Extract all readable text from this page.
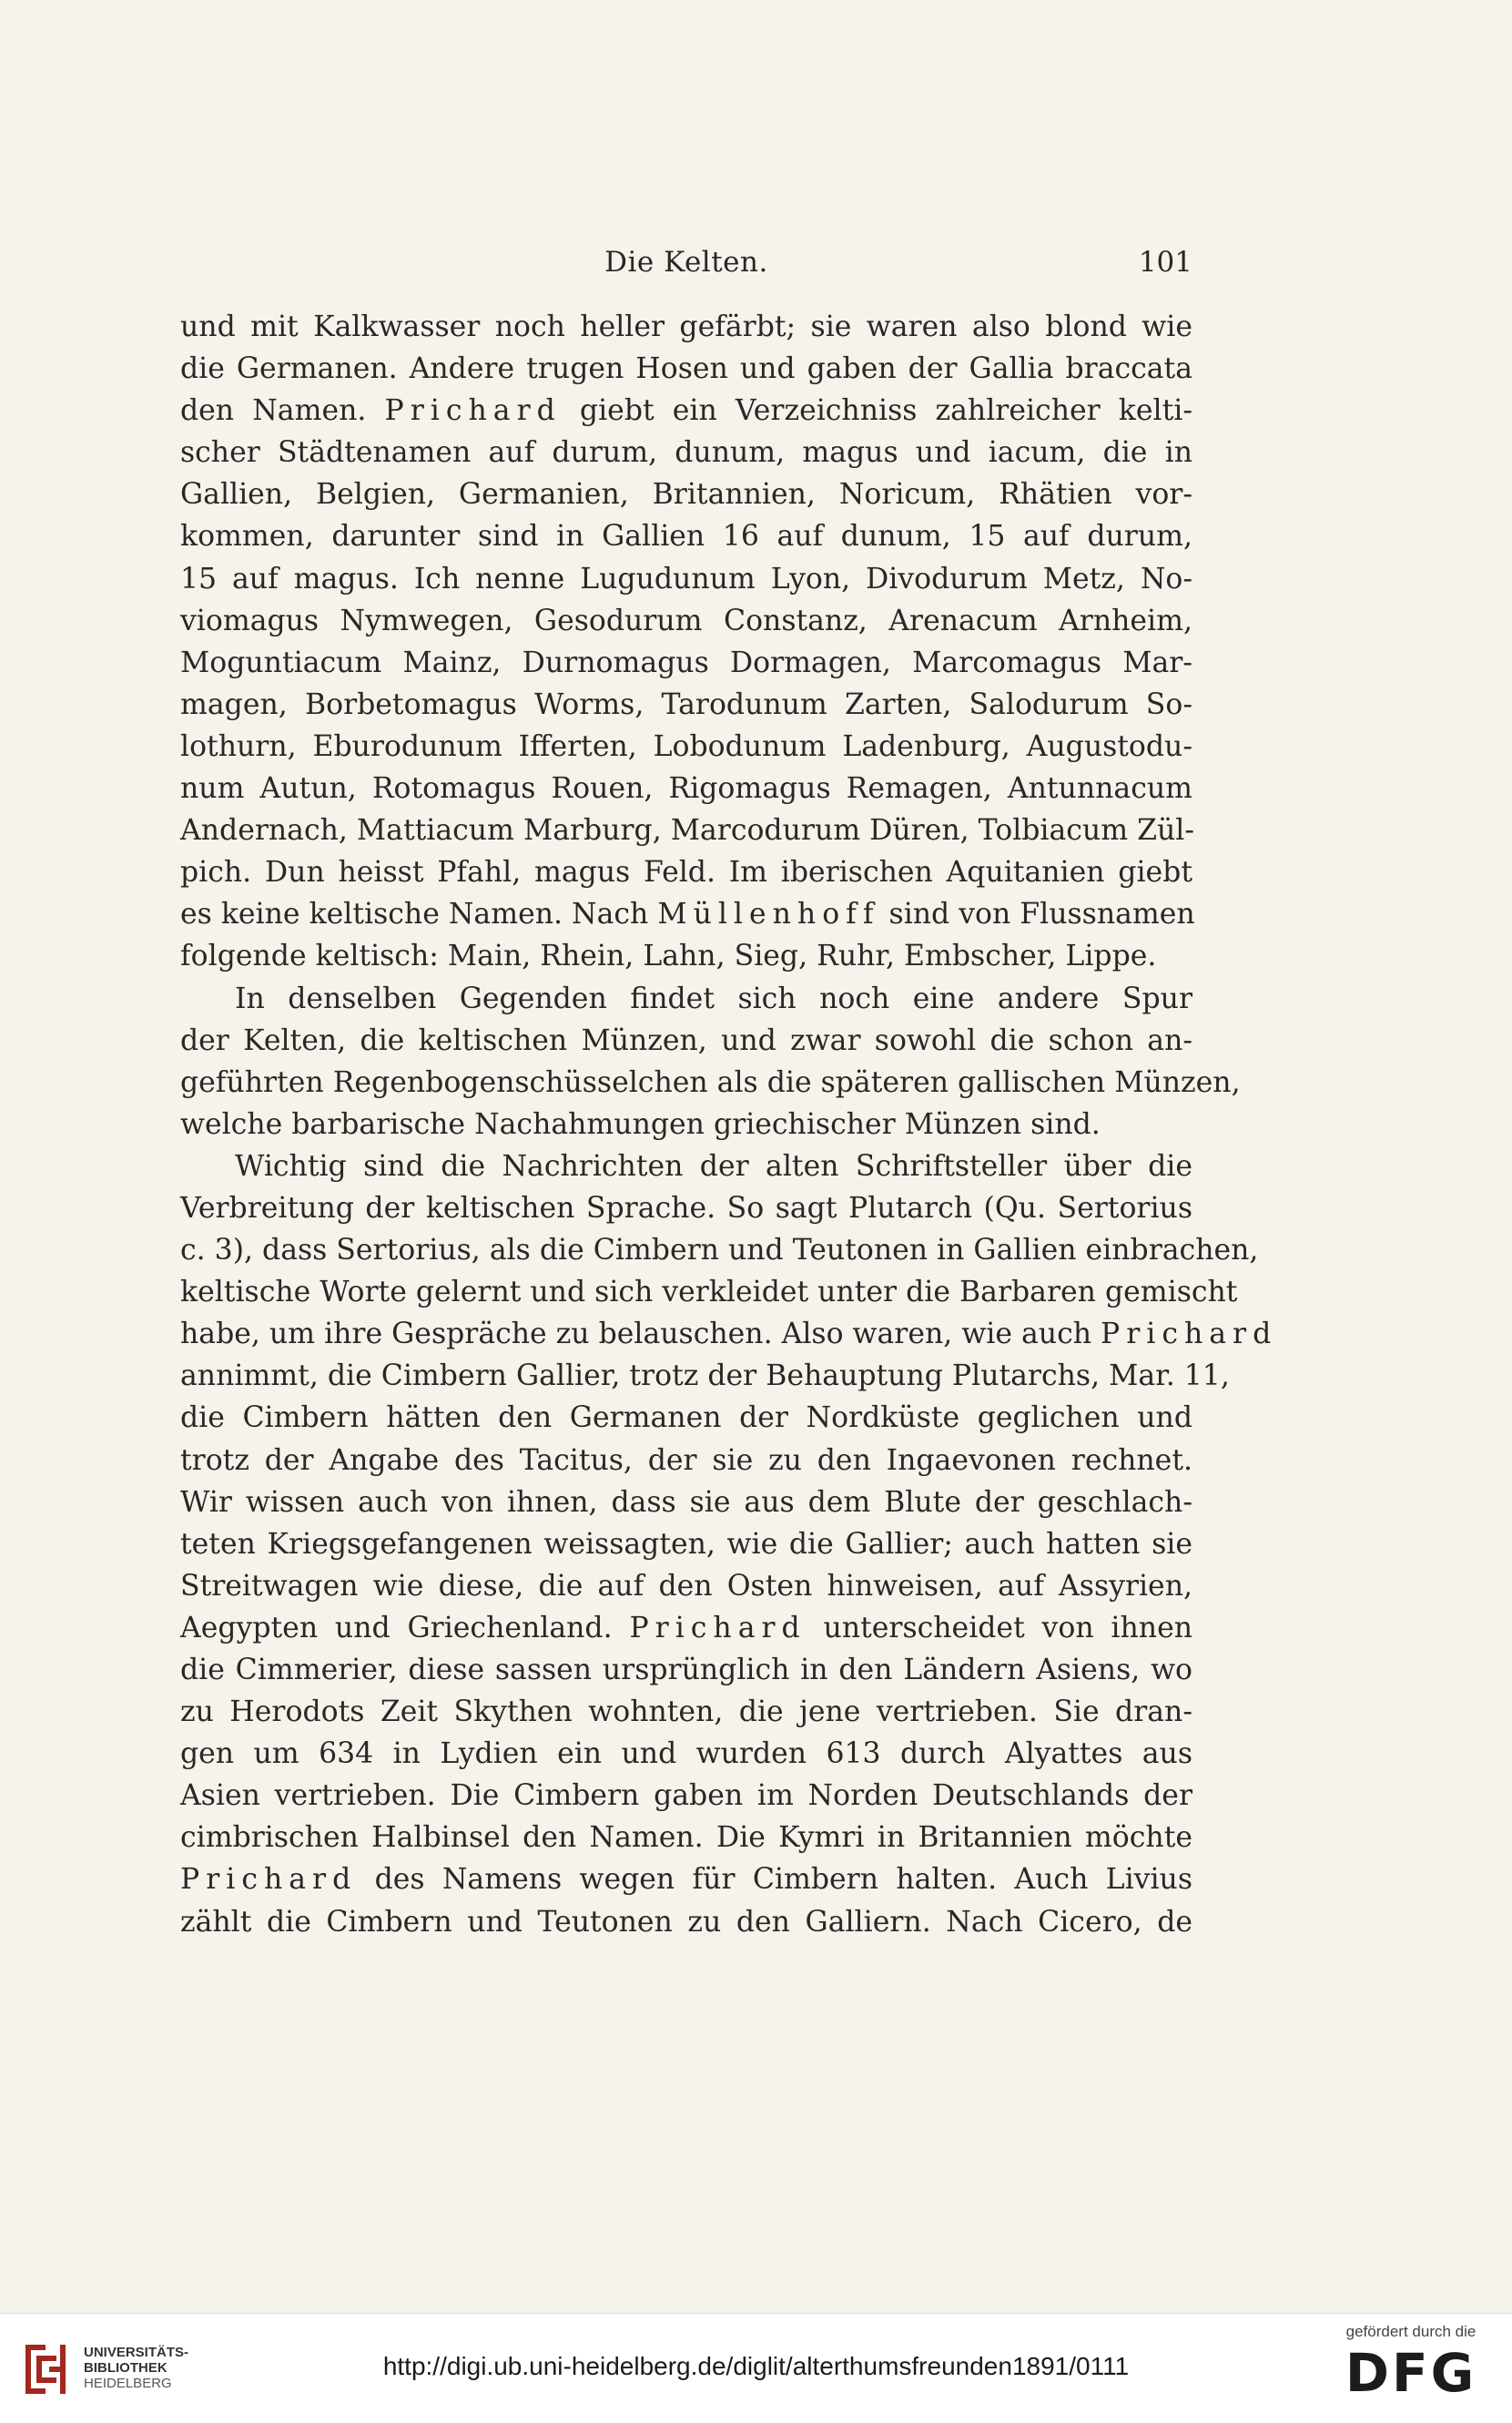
Die Kelten.	101
und mit Kalkwasser noch heller gefärbt; sie waren also blond wie
die Germanen. Andere trugen Hosen und gaben der Gallia braccata
den Namen. Prichard giebt ein Verzeichniss zahlreicher kelti-
scher Städtenamen auf durum, dunum, magus und iacum, die in
Gallien, Belgien, Germanien, Britannien, Noricum, Rhätien vor-
kommen, darunter sind in Gallien 16 auf dunum, 15 auf durum,
15 auf magus. Ich nenne Lugudunum Lyon, Divodurum Metz, No-
viomagus Nymwegen, Gesodurum Constanz, Arenacum Arnheim,
Moguntiacum Mainz, Durnomagus Dormagen, Marcomagus Mar-
magen, Borbetomagus Worms, Tarodunum Zarten, Salodurum So-
lothurn, Eburodunum Ifferten, Lobodunum Ladenburg, Augustodu-
num Autun, Rotomagus Rouen, Rigomagus Remagen, Antunnacum
Andernach, Mattiacum Marburg, Marcodurum Düren, Tolbiacum Zül-
pich. Dun heisst Pfahl, magus Feld. Im iberischen Aquitanien giebt
es keine keltische Namen. Nach Müllenhoff sind von Flussnamen
folgende keltisch: Main, Rhein, Lahn, Sieg, Ruhr, Embscher, Lippe.
In denselben Gegenden findet sich noch eine andere Spur
der Kelten, die keltischen Münzen, und zwar sowohl die schon an-
geführten Regenbogenschüsselchen als die späteren gallischen Münzen,
welche barbarische Nachahmungen griechischer Münzen sind.
Wichtig sind die Nachrichten der alten Schriftsteller über die
Verbreitung der keltischen Sprache. So sagt Plutarch (Qu. Sertorius
c. 3), dass Sertorius, als die Cimbern und Teutonen in Gallien einbrachen,
keltische Worte gelernt und sich verkleidet unter die Barbaren gemischt
habe, um ihre Gespräche zu belauschen. Also waren, wie auch Prichard
annimmt, die Cimbern Gallier, trotz der Behauptung Plutarchs, Mar. 11,
die Cimbern hätten den Germanen der Nordküste geglichen und
trotz der Angabe des Tacitus, der sie zu den Ingaevonen rechnet.
Wir wissen auch von ihnen, dass sie aus dem Blute der geschlach-
teten Kriegsgefangenen weissagten, wie die Gallier; auch hatten sie
Streitwagen wie diese, die auf den Osten hinweisen, auf Assyrien,
Aegypten und Griechenland. Prichard unterscheidet von ihnen
die Cimmerier, diese sassen ursprünglich in den Ländern Asiens, wo
zu Herodots Zeit Skythen wohnten, die jene vertrieben. Sie dran-
gen um 634 in Lydien ein und wurden 613 durch Alyattes aus
Asien vertrieben. Die Cimbern gaben im Norden Deutschlands der
cimbrischen Halbinsel den Namen. Die Kymri in Britannien möchte
Prichard des Namens wegen für Cimbern halten. Auch Livius
zählt die Cimbern und Teutonen zu den Galliern. Nach Cicero, de
UNIVERSITÄTS-
BIBLIOTHEK
HEIDELBERG
http://digi.ub.uni-heidelberg.de/diglit/alterthumsfreunden1891/0111
gefördert durch die
DFG
